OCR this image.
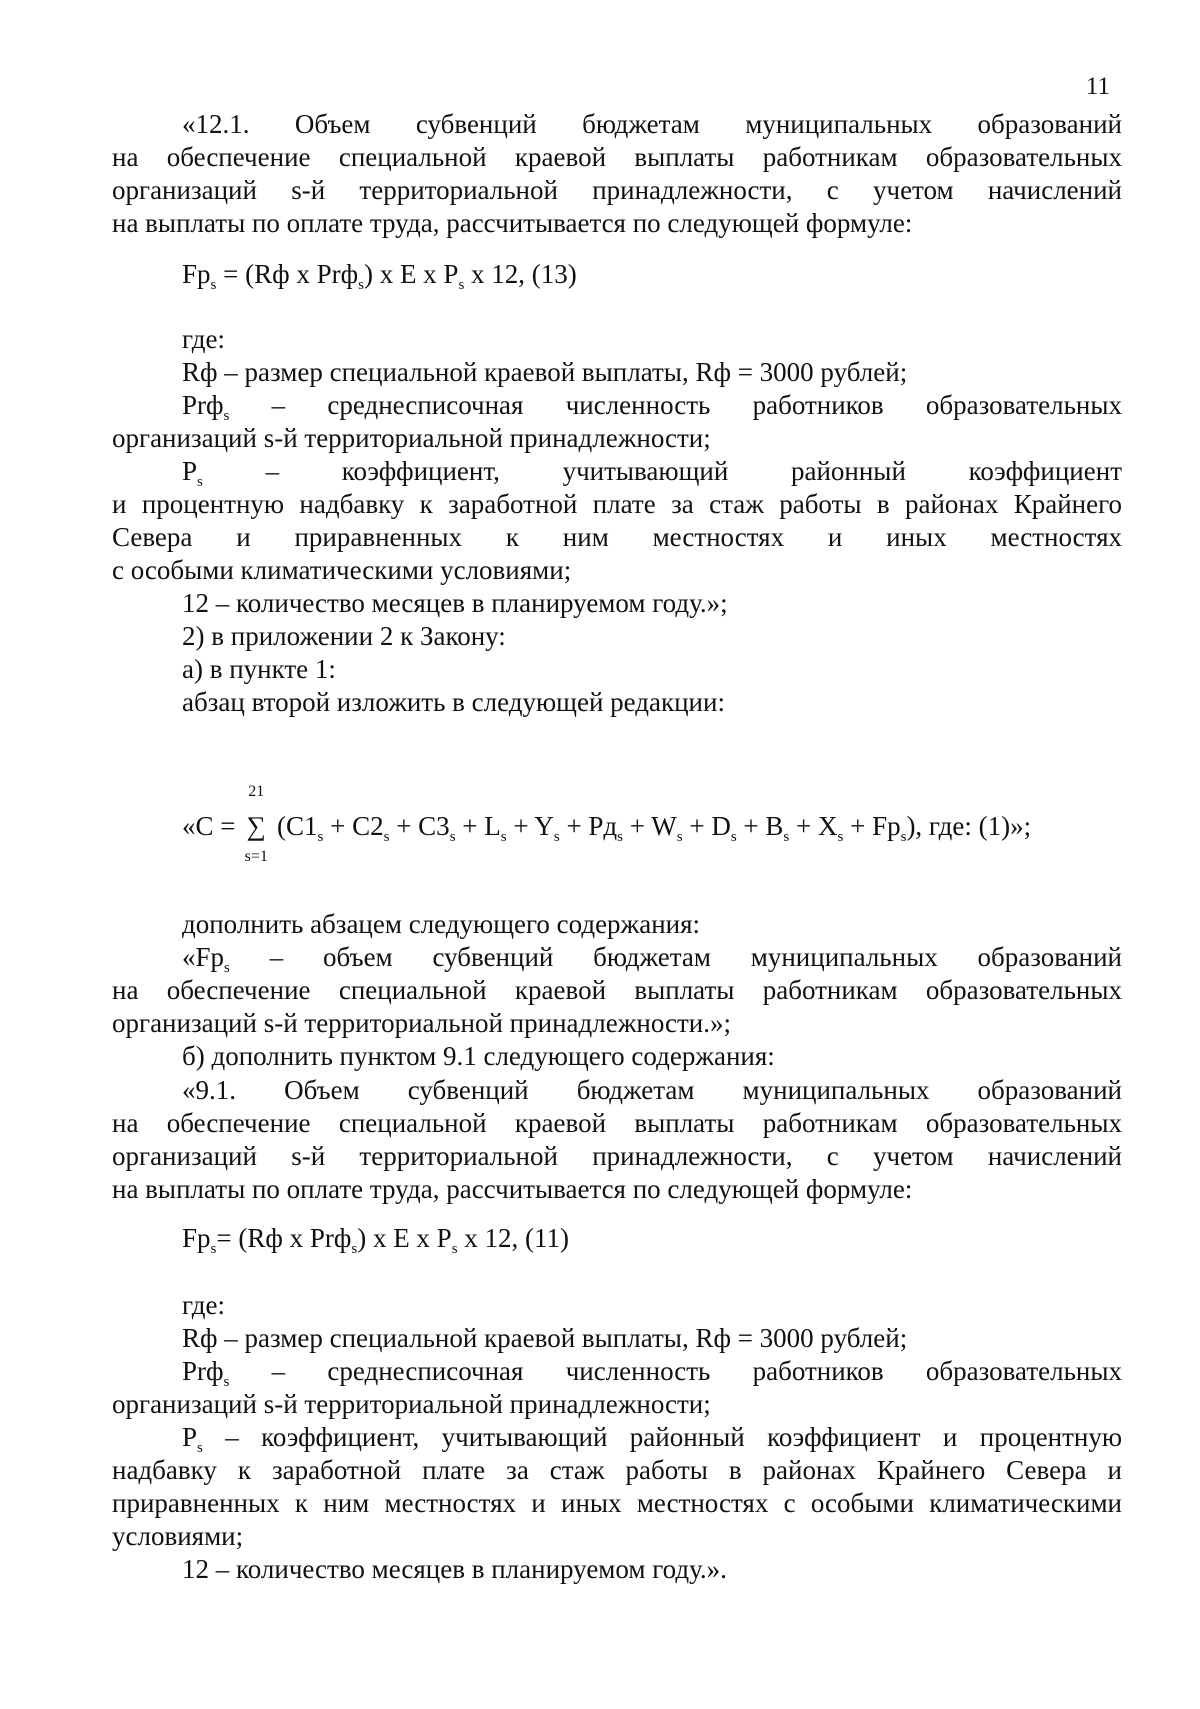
11

«12.1. Объем субвенций бюджетам муниципальных образований

на обеспечение специальной краевой выплаты работникам образовательных

организаций s-й территориальной принадлежности, с учетом начислений

на выплаты по оплате труда, рассчитывается по следующей формуле:

$Fp_s = (Rф$ x Prф$_s$) x E x $P_s$ x 12, (13)

где:

Rф – размер специальной краевой выплаты, Rф = 3000 рублей;

Prф$_s$ – среднесписочная численность работников образовательных

организаций s-й территориальной принадлежности;

$P_s$ – коэффициент, учитывающий районный коэффициент

и процентную надбавку к заработной плате за стаж работы в районах Крайнего

Севера и приравненных к ним местностях и иных местностях

с особыми климатическими условиями;

12 – количество месяцев в планируемом году.»;

2) в приложении 2 к Закону:

а) в пункте 1:

абзац второй изложить в следующей редакции:

«C =
21
∑
s=1
$(C1_s + C2_s + C3_s + L_s + Y_s + Pд_s + W_s + D_s + B_s + X_s + Fp_s)$, где: (1)»;

дополнить абзацем следующего содержания:

«$Fp_s$ – объем субвенций бюджетам муниципальных образований

на обеспечение специальной краевой выплаты работникам образовательных

организаций s-й территориальной принадлежности.»;

б) дополнить пунктом 9.1 следующего содержания:

«9.1. Объем субвенций бюджетам муниципальных образований

на обеспечение специальной краевой выплаты работникам образовательных

организаций s-й территориальной принадлежности, с учетом начислений

на выплаты по оплате труда, рассчитывается по следующей формуле:

$Fp_s= (Rф$ x Prф$_s$) x E x $P_s$ x 12, (11)

где:

Rф – размер специальной краевой выплаты, Rф = 3000 рублей;

Prф$_s$ – среднесписочная численность работников образовательных

организаций s-й территориальной принадлежности;

$P_s$ – коэффициент, учитывающий районный коэффициент и процентную

надбавку к заработной плате за стаж работы в районах Крайнего Севера и

приравненных к ним местностях и иных местностях с особыми климатическими

условиями;

12 – количество месяцев в планируемом году.».
